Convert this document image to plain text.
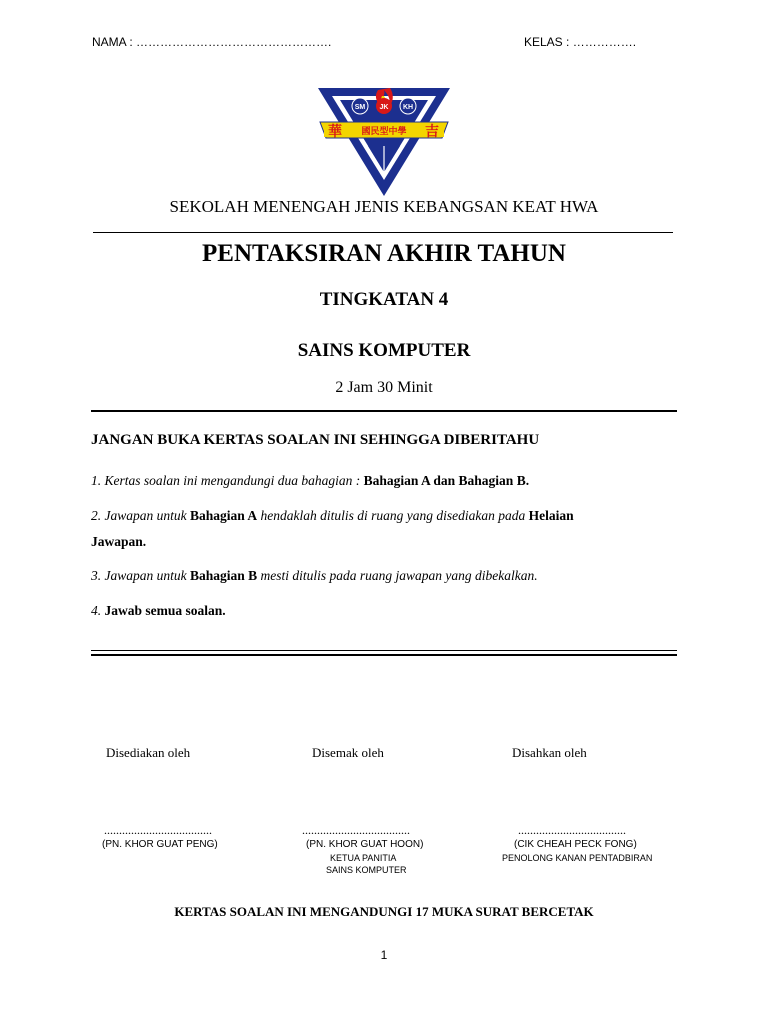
NAMA : ………………………………………….	KELAS : …………….
SM JK KH
國民型中學
華	吉
SEKOLAH MENENGAH JENIS KEBANGSAN KEAT HWA
PENTAKSIRAN AKHIR TAHUN
TINGKATAN 4
SAINS KOMPUTER
2 Jam 30 Minit
JANGAN BUKA KERTAS SOALAN INI SEHINGGA DIBERITAHU
1. Kertas soalan ini mengandungi dua bahagian : Bahagian A dan Bahagian B.
2. Jawapan untuk Bahagian A hendaklah ditulis di ruang yang disediakan pada Helaian
Jawapan.
3. Jawapan untuk Bahagian B mesti ditulis pada ruang jawapan yang dibekalkan.
4. Jawab semua soalan.
Disediakan oleh
....................................
(PN. KHOR GUAT PENG)
Disemak oleh
....................................
(PN. KHOR GUAT HOON)
KETUA PANITIA
SAINS KOMPUTER
Disahkan oleh
....................................
(CIK CHEAH PECK FONG)
PENOLONG KANAN PENTADBIRAN
KERTAS SOALAN INI MENGANDUNGI 17 MUKA SURAT BERCETAK
1
